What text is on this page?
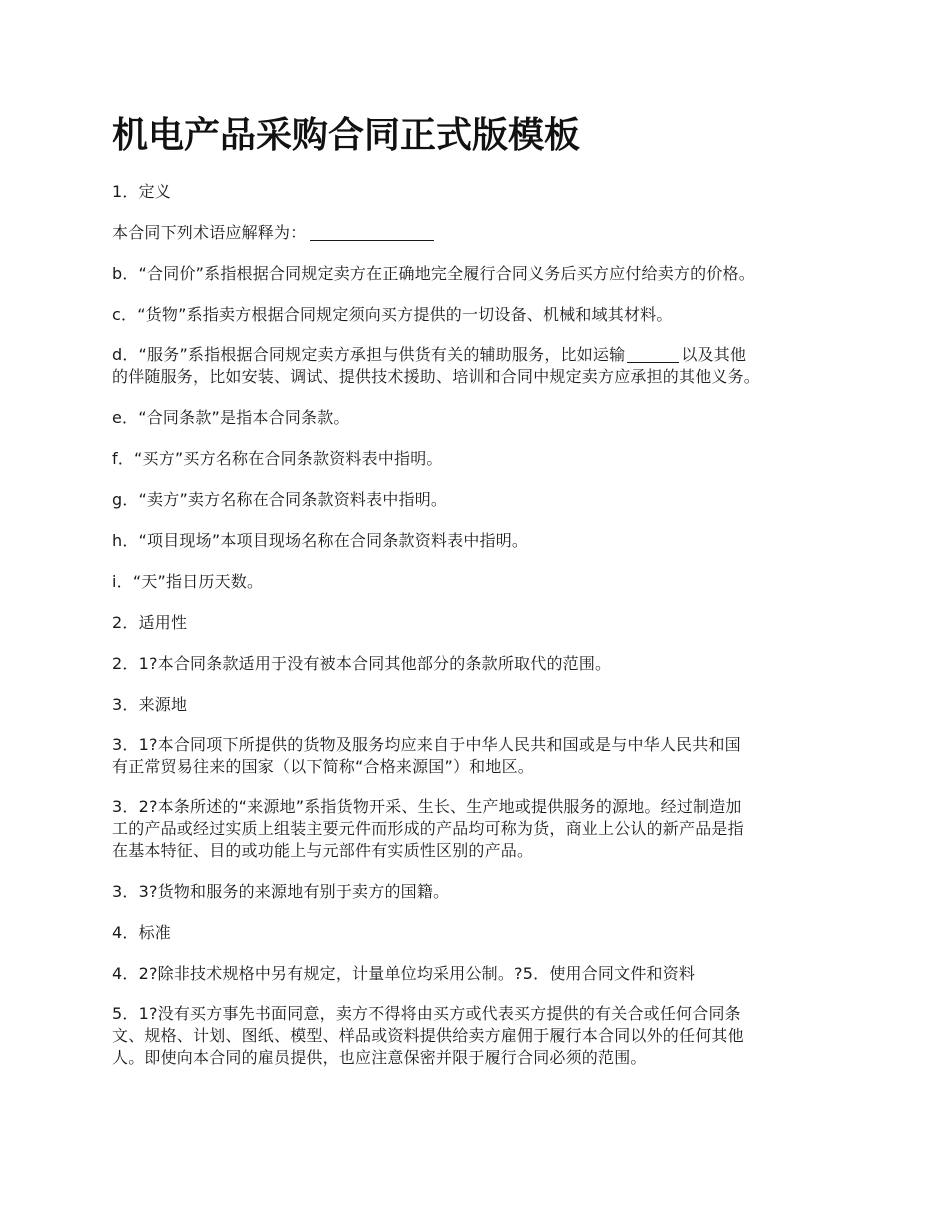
机电产品采购合同正式版模板

1．定义

本合同下列术语应解释为：

b．“合同价”系指根据合同规定卖方在正确地完全履行合同义务后买方应付给卖方的价格。

c．“货物”系指卖方根据合同规定须向买方提供的一切设备、机械和域其材料。

d．“服务”系指根据合同规定卖方承担与供货有关的辅助服务，比如运输	以及其他
的伴随服务，比如安装、调试、提供技术援助、培训和合同中规定卖方应承担的其他义务。

e．“合同条款”是指本合同条款。

f．“买方”买方名称在合同条款资料表中指明。

g．“卖方”卖方名称在合同条款资料表中指明。

h．“项目现场”本项目现场名称在合同条款资料表中指明。

i．“天”指日历天数。

2．适用性

2．1?本合同条款适用于没有被本合同其他部分的条款所取代的范围。

3．来源地

3．1?本合同项下所提供的货物及服务均应来自于中华人民共和国或是与中华人民共和国
有正常贸易往来的国家（以下简称“合格来源国”）和地区。

3．2?本条所述的“来源地”系指货物开采、生长、生产地或提供服务的源地。经过制造加
工的产品或经过实质上组装主要元件而形成的产品均可称为货，商业上公认的新产品是指
在基本特征、目的或功能上与元部件有实质性区别的产品。

3．3?货物和服务的来源地有别于卖方的国籍。

4．标准

4．2?除非技术规格中另有规定，计量单位均采用公制。?5．使用合同文件和资料

5．1?没有买方事先书面同意，卖方不得将由买方或代表买方提供的有关合或任何合同条
文、规格、计划、图纸、模型、样品或资料提供给卖方雇佣于履行本合同以外的任何其他
人。即使向本合同的雇员提供，也应注意保密并限于履行合同必须的范围。
